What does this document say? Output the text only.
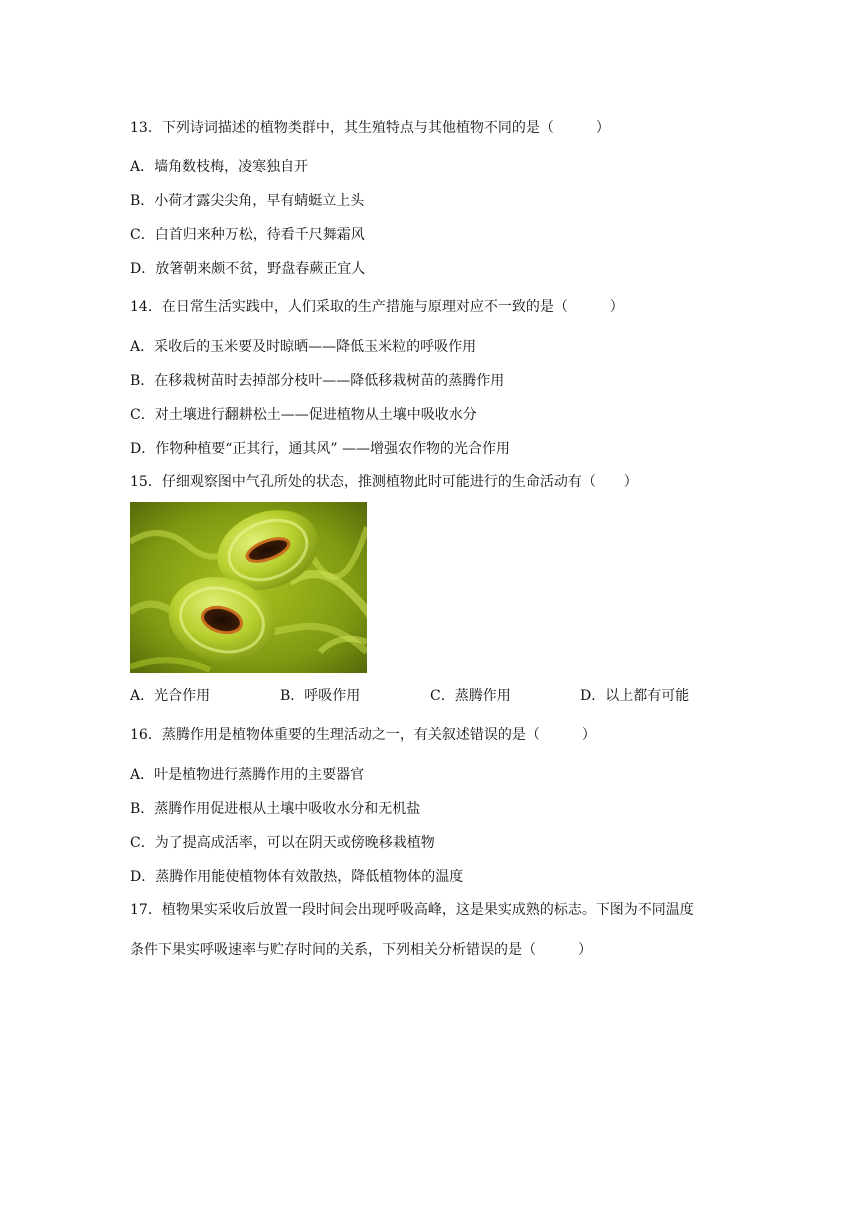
13．下列诗词描述的植物类群中，其生殖特点与其他植物不同的是（　　　）
A．墙角数枝梅，凌寒独自开
B．小荷才露尖尖角，早有蜻蜓立上头
C．白首归来种万松，待看千尺舞霜风
D．放箸朝来颇不贫，野盘春蕨正宜人
14．在日常生活实践中，人们采取的生产措施与原理对应不一致的是（　　　）
A．采收后的玉米要及时晾晒——降低玉米粒的呼吸作用
B．在移栽树苗时去掉部分枝叶——降低移栽树苗的蒸腾作用
C．对土壤进行翻耕松土——促进植物从土壤中吸收水分
D．作物种植要“正其行，通其风” ——增强农作物的光合作用
15．仔细观察图中气孔所处的状态，推测植物此时可能进行的生命活动有（　　）
A．光合作用	B．呼吸作用	C．蒸腾作用	D．以上都有可能
16．蒸腾作用是植物体重要的生理活动之一，有关叙述错误的是（　　　）
A．叶是植物进行蒸腾作用的主要器官
B．蒸腾作用促进根从土壤中吸收水分和无机盐
C．为了提高成活率，可以在阴天或傍晚移栽植物
D．蒸腾作用能使植物体有效散热，降低植物体的温度
17．植物果实采收后放置一段时间会出现呼吸高峰，这是果实成熟的标志。下图为不同温度
条件下果实呼吸速率与贮存时间的关系，下列相关分析错误的是（　　　）
